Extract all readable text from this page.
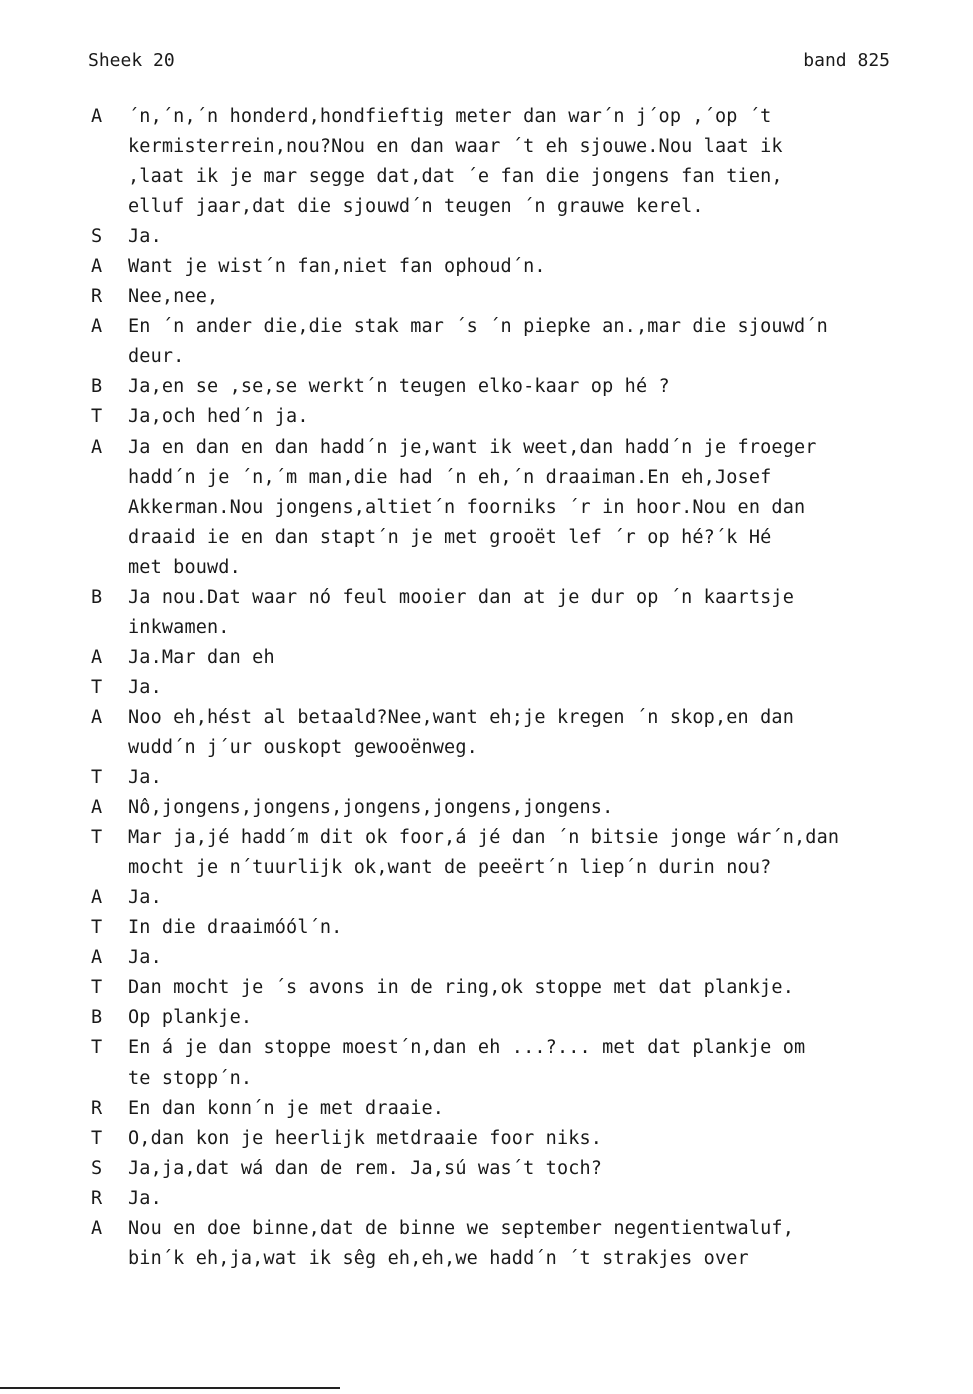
Sheek 20	band 825
A	´n,´n,´n honderd,hondfieftig meter dan war´n j´op ,´op ´t
kermisterrein,nou?Nou en dan waar ´t eh sjouwe.Nou laat ik
,laat ik je mar segge dat,dat ´e fan die jongens fan tien,
elluf jaar,dat die sjouwd´n teugen ´n grauwe kerel.
S	Ja.
A	Want je wist´n fan,niet fan ophoud´n.
R	Nee,nee,
A	En ´n ander die,die stak mar ´s ´n piepke an.,mar die sjouwd´n
deur.
B	Ja,en se ,se,se werkt´n teugen elko-kaar op hé ?
T	Ja,och hed´n ja.
A	Ja en dan en dan hadd´n je,want ik weet,dan hadd´n je froeger
hadd´n je ´n,´m man,die had ´n eh,´n draaiman.En eh,Josef
Akkerman.Nou jongens,altiet´n foorniks ´r in hoor.Nou en dan
draaid ie en dan stapt´n je met grooët lef ´r op hé?´k Hé
met bouwd.
B	Ja nou.Dat waar nó feul mooier dan at je dur op ´n kaartsje
inkwamen.
A	Ja.Mar dan eh
T	Ja.
A	Noo eh,hést al betaald?Nee,want eh;je kregen ´n skop,en dan
wudd´n j´ur ouskopt gewooënweg.
T	Ja.
A	Nô,jongens,jongens,jongens,jongens,jongens.
T	Mar ja,jé hadd´m dit ok foor,á jé dan ´n bitsie jonge wár´n,dan
mocht je n´tuurlijk ok,want de peeërt´n liep´n durin nou?
A	Ja.
T	In die draaimóól´n.
A	Ja.
T	Dan mocht je ´s avons in de ring,ok stoppe met dat plankje.
B	Op plankje.
T	En á je dan stoppe moest´n,dan eh ...?... met dat plankje om
te stopp´n.
R	En dan konn´n je met draaie.
T	O,dan kon je heerlijk metdraaie foor niks.
S	Ja,ja,dat wá dan de rem. Ja,sú was´t toch?
R	Ja.
A	Nou en doe binne,dat de binne we september negentientwaluf,
bin´k eh,ja,wat ik sêg eh,eh,we hadd´n ´t strakjes over
